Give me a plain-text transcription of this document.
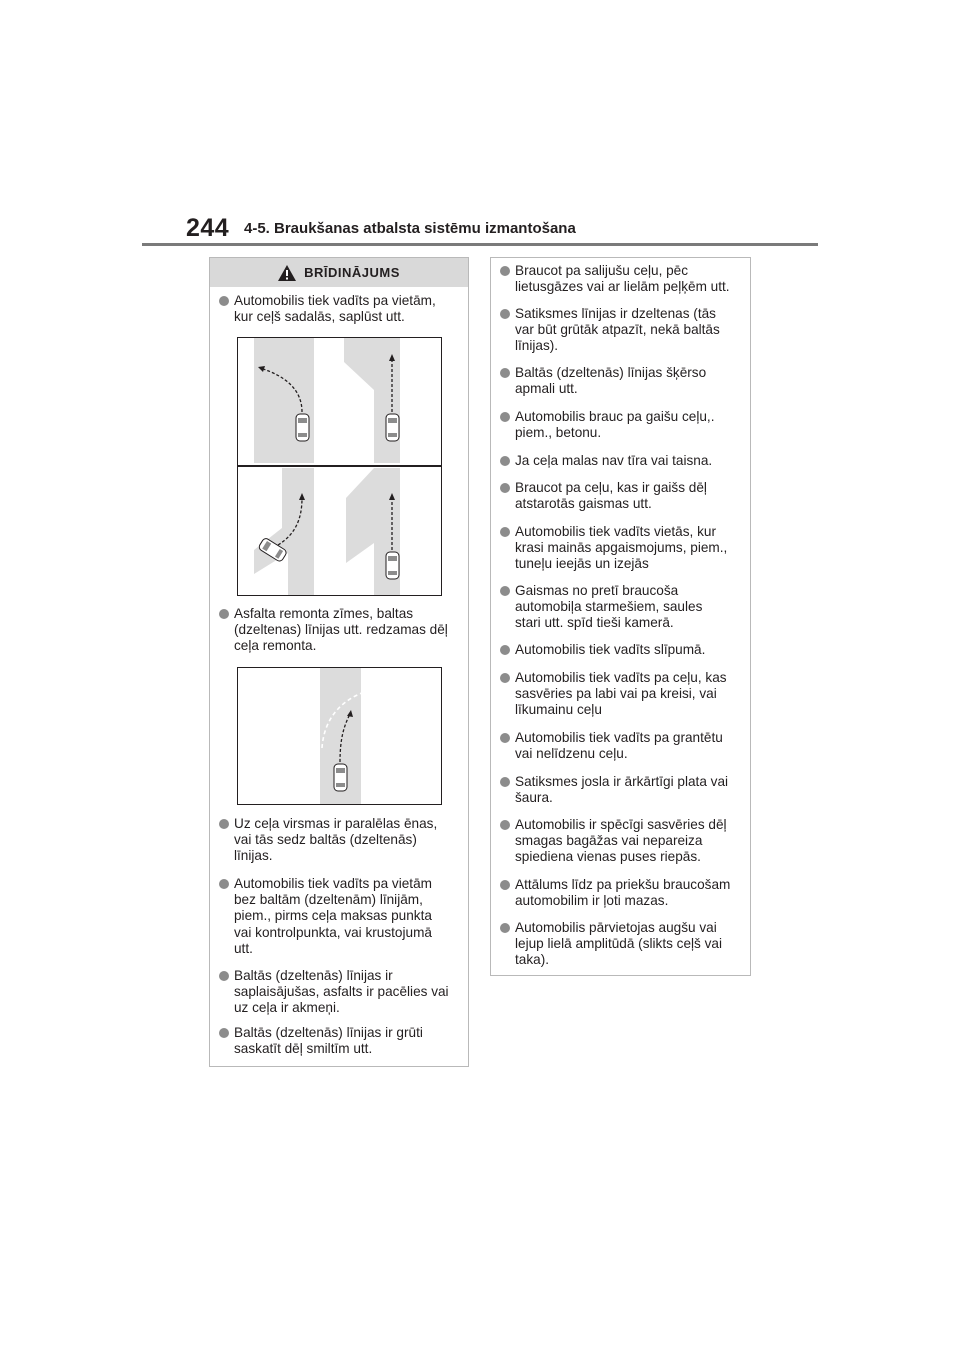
244 4-5. Braukšanas atbalsta sistēmu izmantošana
BRĪDINĀJUMS
Automobilis tiek vadīts pa vietām,
kur ceļš sadalās, saplūst utt.
Asfalta remonta zīmes, baltas
(dzeltenas) līnijas utt. redzamas dēļ
ceļa remonta.
Uz ceļa virsmas ir paralēlas ēnas,
vai tās sedz baltās (dzeltenās)
līnijas.
Automobilis tiek vadīts pa vietām
bez baltām (dzeltenām) līnijām,
piem., pirms ceļa maksas punkta
vai kontrolpunkta, vai krustojumā
utt.
Baltās (dzeltenās) līnijas ir
saplaisājušas, asfalts ir pacēlies vai
uz ceļa ir akmeņi.
Baltās (dzeltenās) līnijas ir grūti
saskatīt dēļ smiltīm utt.
Braucot pa salijušu ceļu, pēc
lietusgāzes vai ar lielām peļķēm utt.
Satiksmes līnijas ir dzeltenas (tās
var būt grūtāk atpazīt, nekā baltās
līnijas).
Baltās (dzeltenās) līnijas šķērso
apmali utt.
Automobilis brauc pa gaišu ceļu,.
piem., betonu.
Ja ceļa malas nav tīra vai taisna.
Braucot pa ceļu, kas ir gaišs dēļ
atstarotās gaismas utt.
Automobilis tiek vadīts vietās, kur
krasi mainās apgaismojums, piem.,
tuneļu ieejās un izejās
Gaismas no pretī braucoša
automobiļa starmešiem, saules
stari utt. spīd tieši kamerā.
Automobilis tiek vadīts slīpumā.
Automobilis tiek vadīts pa ceļu, kas
sasvēries pa labi vai pa kreisi, vai
līkumainu ceļu
Automobilis tiek vadīts pa grantētu
vai nelīdzenu ceļu.
Satiksmes josla ir ārkārtīgi plata vai
šaura.
Automobilis ir spēcīgi sasvēries dēļ
smagas bagāžas vai nepareiza
spiediena vienas puses riepās.
Attālums līdz pa priekšu braucošam
automobilim ir ļoti mazas.
Automobilis pārvietojas augšu vai
lejup lielā amplitūdā (slikts ceļš vai
taka).
